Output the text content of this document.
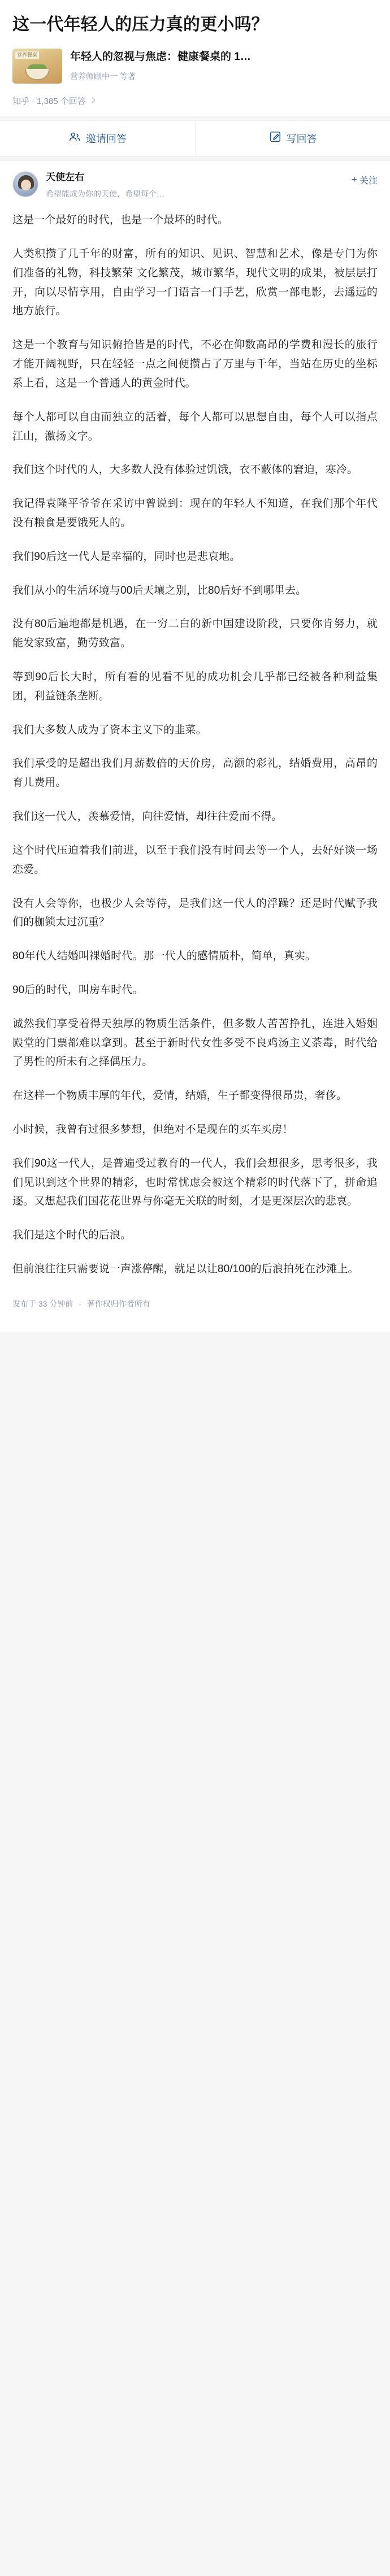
这一代年轻人的压力真的更小吗？
营养餐桌	年轻人的忽视与焦虑：健康餐桌的 1…
营养师顾中一 等著
知乎 · 1,385 个回答
邀请回答	写回答
天使左右
希望能成为你的天使，希望每个…
+ 关注

这是一个最好的时代，也是一个最坏的时代。

人类积攒了几千年的财富，所有的知识、见识、智慧和艺术，像是专门为你们准备的礼物，科技繁荣 文化繁茂，城市繁华，现代文明的成果，被层层打开，向以尽情享用，自由学习一门语言一门手艺，欣赏一部电影，去遥远的地方旅行。

这是一个教育与知识俯拾皆是的时代，不必在仰数高昂的学费和漫长的旅行才能开阔视野，只在轻轻一点之间便攒占了万里与千年，当站在历史的坐标系上看，这是一个普通人的黄金时代。

每个人都可以自由而独立的活着，每个人都可以思想自由，每个人可以指点江山，激扬文字。

我们这个时代的人，大多数人没有体验过饥饿，衣不蔽体的窘迫，寒冷。

我记得袁隆平爷爷在采访中曾说到：现在的年轻人不知道，在我们那个年代没有粮食是要饿死人的。

我们90后这一代人是幸福的，同时也是悲哀地。

我们从小的生活环境与00后天壤之别，比80后好不到哪里去。

没有80后遍地都是机遇，在一穷二白的新中国建设阶段，只要你肯努力，就能发家致富，勤劳致富。

等到90后长大时，所有看的见看不见的成功机会几乎都已经被各种利益集团，利益链条垄断。

我们大多数人成为了资本主义下的韭菜。

我们承受的是超出我们月薪数倍的天价房，高额的彩礼，结婚费用，高昂的育儿费用。

我们这一代人，羡慕爱情，向往爱情，却往往爱而不得。

这个时代压迫着我们前进，以至于我们没有时间去等一个人，去好好谈一场恋爱。

没有人会等你，也极少人会等待，是我们这一代人的浮躁？还是时代赋予我们的枷锁太过沉重？

80年代人结婚叫裸婚时代。那一代人的感情质朴，简单，真实。

90后的时代，叫房车时代。

诚然我们享受着得天独厚的物质生活条件，但多数人苦苦挣扎，连进入婚姻殿堂的门票都难以拿到。甚至于新时代女性多受不良鸡汤主义荼毒，时代给了男性的所未有之择偶压力。

在这样一个物质丰厚的年代，爱情，结婚，生子都变得很昂贵，奢侈。

小时候，我曾有过很多梦想，但绝对不是现在的买车买房！

我们90这一代人，是普遍受过教育的一代人，我们会想很多，思考很多，我们见识到这个世界的精彩，也时常忧虑会被这个精彩的时代落下了，拼命追逐。又想起我们国花花世界与你毫无关联的时刻，才是更深层次的悲哀。

我们是这个时代的后浪。

但前浪往往只需要说一声涨停醒，就足以让80/100的后浪拍死在沙滩上。

发布于 33 分钟前 · 著作权归作者所有
